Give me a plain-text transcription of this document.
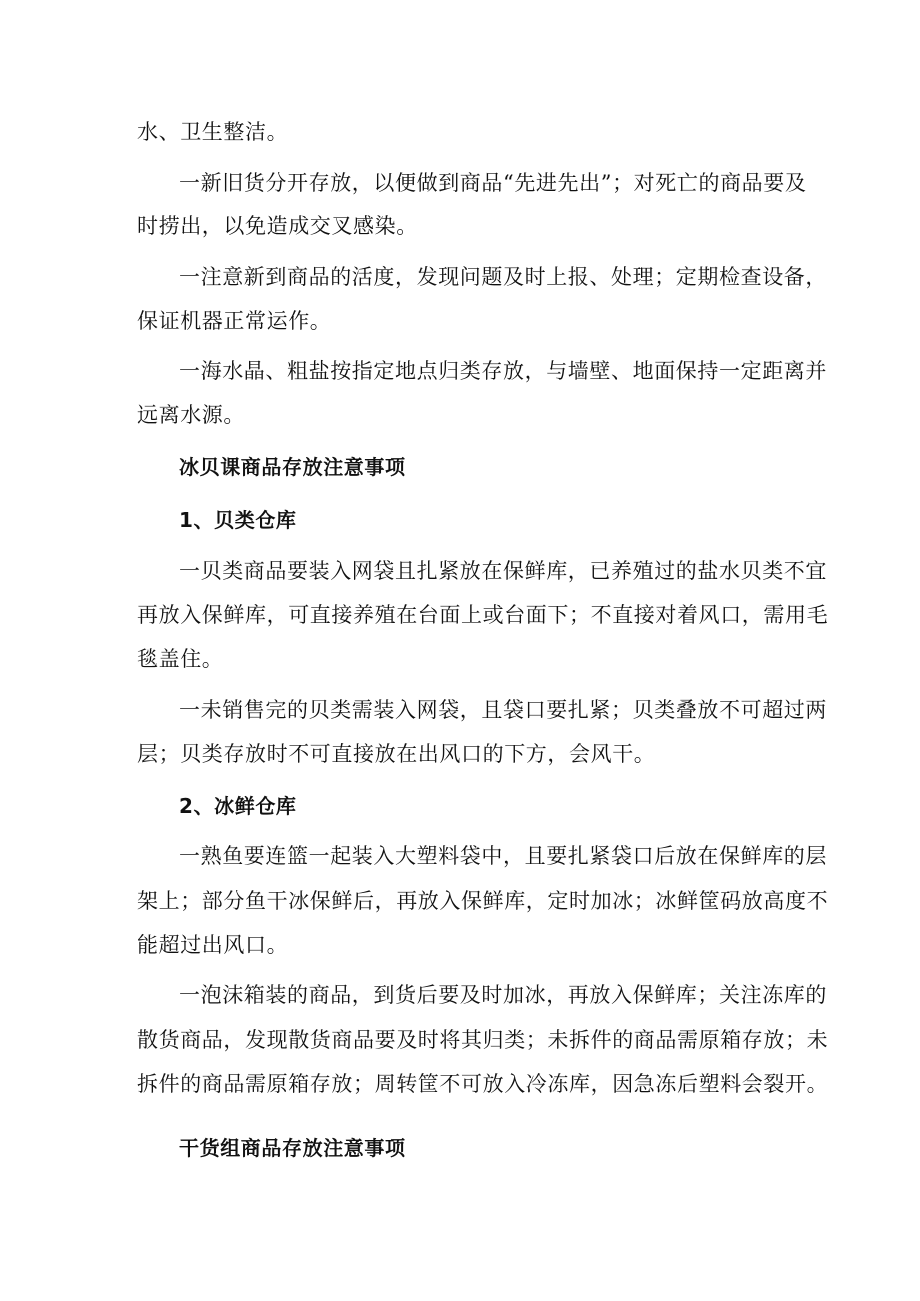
水、卫生整洁。
一新旧货分开存放，以便做到商品“先进先出”；对死亡的商品要及
时捞出，以免造成交叉感染。
一注意新到商品的活度，发现问题及时上报、处理；定期检查设备，
保证机器正常运作。
一海水晶、粗盐按指定地点归类存放，与墙壁、地面保持一定距离并
远离水源。
冰贝课商品存放注意事项
1、贝类仓库
一贝类商品要装入网袋且扎紧放在保鲜库，已养殖过的盐水贝类不宜
再放入保鲜库，可直接养殖在台面上或台面下；不直接对着风口，需用毛
毯盖住。
一未销售完的贝类需装入网袋，且袋口要扎紧；贝类叠放不可超过两
层；贝类存放时不可直接放在出风口的下方，会风干。
2、冰鲜仓库
一熟鱼要连篮一起装入大塑料袋中，且要扎紧袋口后放在保鲜库的层
架上；部分鱼干冰保鲜后，再放入保鲜库，定时加冰；冰鲜筐码放高度不
能超过出风口。
一泡沫箱装的商品，到货后要及时加冰，再放入保鲜库；关注冻库的
散货商品，发现散货商品要及时将其归类；未拆件的商品需原箱存放；未
拆件的商品需原箱存放；周转筐不可放入冷冻库，因急冻后塑料会裂开。
干货组商品存放注意事项
